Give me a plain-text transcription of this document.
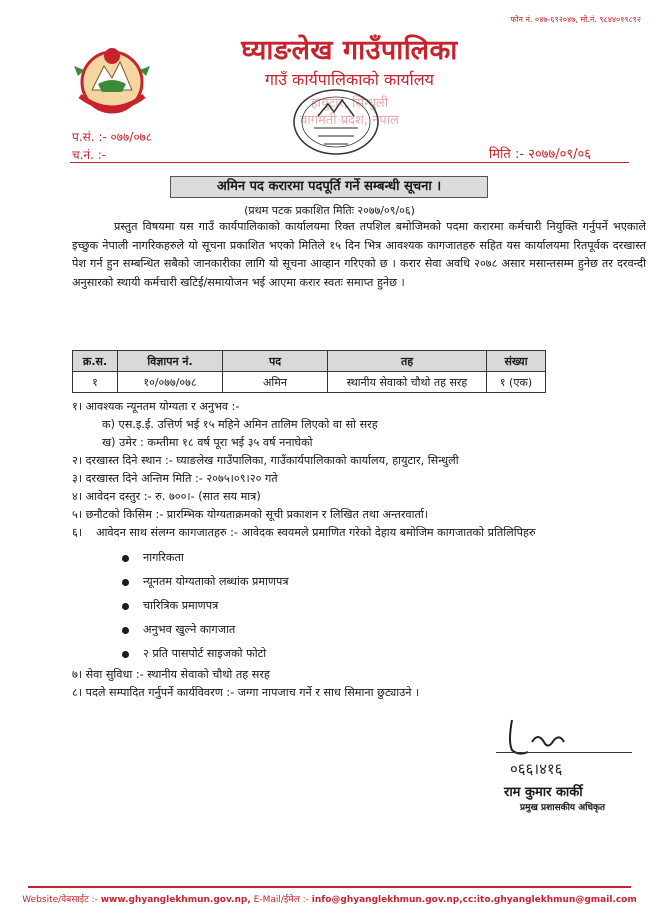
फोन नं. ०४७-६९२०४७, मो.नं. ९८४४०१९८९२
घ्याङलेख गाउँपालिका
गाउँ कार्यपालिकाको कार्यालय
हायुटार, सिन्धुली
वागमती प्रदेश, नेपाल
प.सं. :- ०७७/०७८
च.नं. :-	मिति :- २०७७/०९/०६
अमिन पद करारमा पदपूर्ति गर्ने सम्बन्धी सूचना ।
(प्रथम पटक प्रकाशित मितिः २०७७/०९/०६)
प्रस्तुत विषयमा यस गाउँ कार्यपालिकाको कार्यालयमा रिक्त तपशिल बमोजिमको पदमा करारमा कर्मचारी नियुक्ति गर्नुपर्ने भएकाले इच्छुक नेपाली नागरिकहरुले यो सूचना प्रकाशित भएको मितिले १५ दिन भित्र आवश्यक कागजातहरु सहित यस कार्यालयमा रितपूर्वक दरखास्त पेश गर्न हुन सम्बन्धित सबैको जानकारीका लागि यो सूचना आव्हान गरिएको छ । करार सेवा अवधि २०७८ असार मसान्तसम्म हुनेछ तर दरवन्दी अनुसारको स्थायी कर्मचारी खटिई/समायोजन भई आएमा करार स्वतः समाप्त हुनेछ ।
क्र.स.	विज्ञापन नं.	पद	तह	संख्या
१	१०/०७७/०७८	अमिन	स्थानीय सेवाको चौथो तह सरह	१ (एक)
१। आवश्यक न्यूनतम योग्यता र अनुभव :-
क) एस.इ.ई. उत्तिर्ण भई १५ महिने अमिन तालिम लिएको वा सो सरह
ख) उमेर : कम्तीमा १८ वर्ष पूरा भई ३५ वर्ष ननाघेको
२। दरखास्त दिने स्थान :- घ्याङलेख गाउँपालिका, गाउँकार्यपालिकाको कार्यालय, हायुटार, सिन्धुली
३। दरखास्त दिने अन्तिम मिति :- २०७५।०९।२० गते
४। आवेदन दस्तुर :- रु. ७००।- (सात सय मात्र)
५। छनौटको किसिम :- प्रारम्भिक योग्यताक्रमको सूची प्रकाशन र लिखित तथा अन्तरवार्ता।
६।	आवेदन साथ संलग्न कागजातहरु :- आवेदक स्वयमले प्रमाणित गरेको देहाय बमोजिम कागजातको प्रतिलिपिहरु
नागरिकता
न्यूनतम योग्यताको लब्धांक प्रमाणपत्र
चारित्रिक प्रमाणपत्र
अनुभव खुल्ने कागजात
२ प्रति पासपोर्ट साइजको फोटो
७। सेवा सुविधा :- स्थानीय सेवाको चौथो तह सरह
८। पदले सम्पादित गर्नुपर्ने कार्यविवरण :- जग्गा नापजाच गर्ने र साध सिमाना छुट्याउने ।
०६६।४१६
राम कुमार कार्की
प्रमुख प्रशासकीय अधिकृत
Website/वेबसाईट :- www.ghyanglekhmun.gov.np, E-Mail/ईमेल :- info@ghyanglekhmun.gov.np,cc:ito.ghyanglekhmun@gmail.com
